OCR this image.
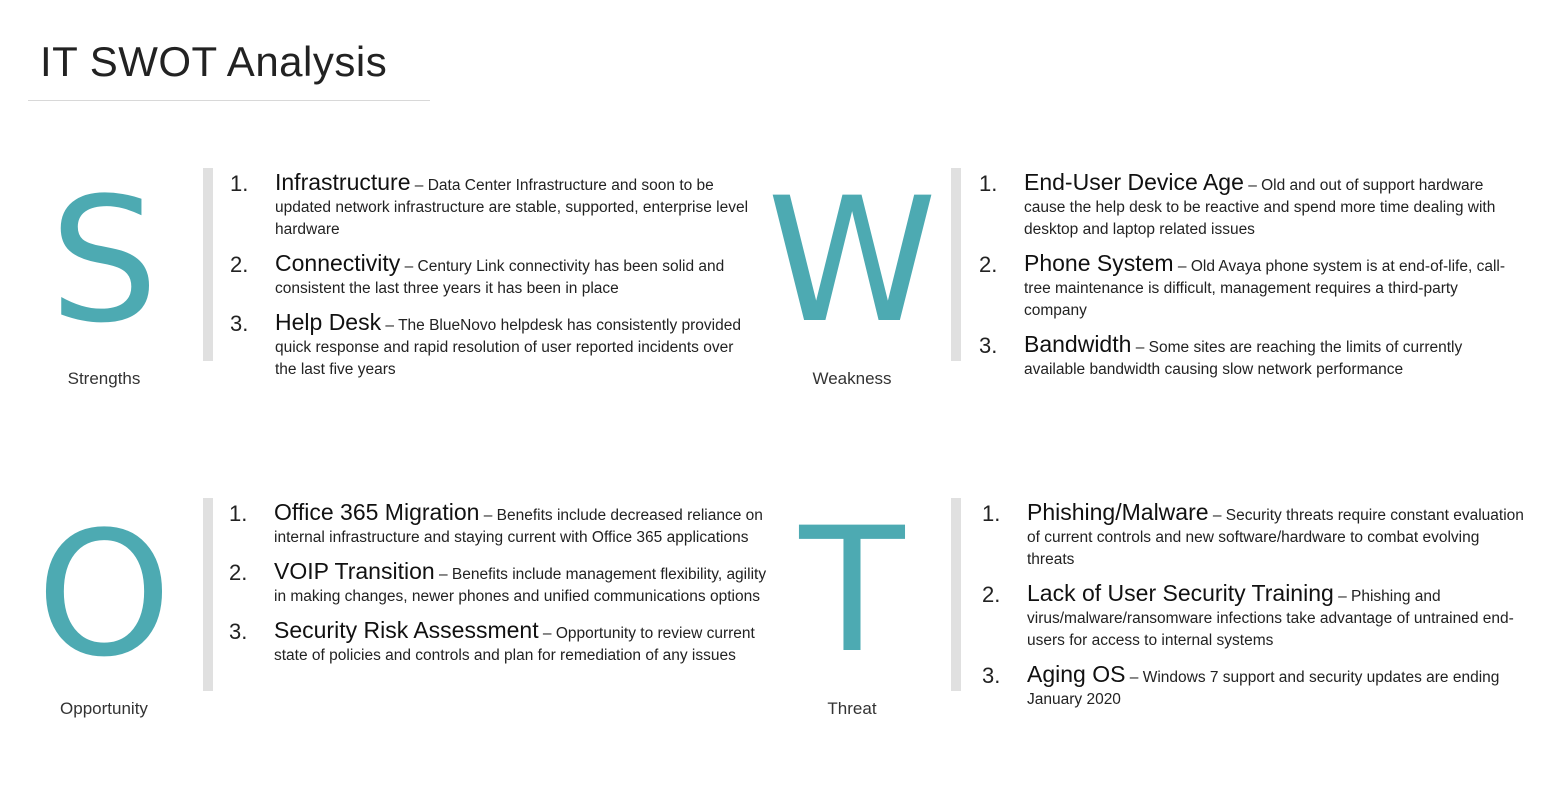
IT SWOT Analysis
S
Strengths
1. Infrastructure – Data Center Infrastructure and soon to be updated network infrastructure are stable, supported, enterprise level hardware
2. Connectivity – Century Link connectivity has been solid and consistent the last three years it has been in place
3. Help Desk – The BlueNovo helpdesk has consistently provided quick response and rapid resolution of user reported incidents over the last five years
W
Weakness
1. End-User Device Age – Old and out of support hardware cause the help desk to be reactive and spend more time dealing with desktop and laptop related issues
2. Phone System – Old Avaya phone system is at end-of-life, call-tree maintenance is difficult, management requires a third-party company
3. Bandwidth – Some sites are reaching the limits of currently available bandwidth causing slow network performance
O
Opportunity
1. Office 365 Migration – Benefits include decreased reliance on internal infrastructure and staying current with Office 365 applications
2. VOIP Transition – Benefits include management flexibility, agility in making changes, newer phones and unified communications options
3. Security Risk Assessment – Opportunity to review current state of policies and controls and plan for remediation of any issues T
Threat
1. Phishing/Malware – Security threats require constant evaluation of current controls and new software/hardware to combat evolving threats
2. Lack of User Security Training – Phishing and virus/malware/ransomware infections take advantage of untrained end-users for access to internal systems
3. Aging OS – Windows 7 support and security updates are ending January 2020
